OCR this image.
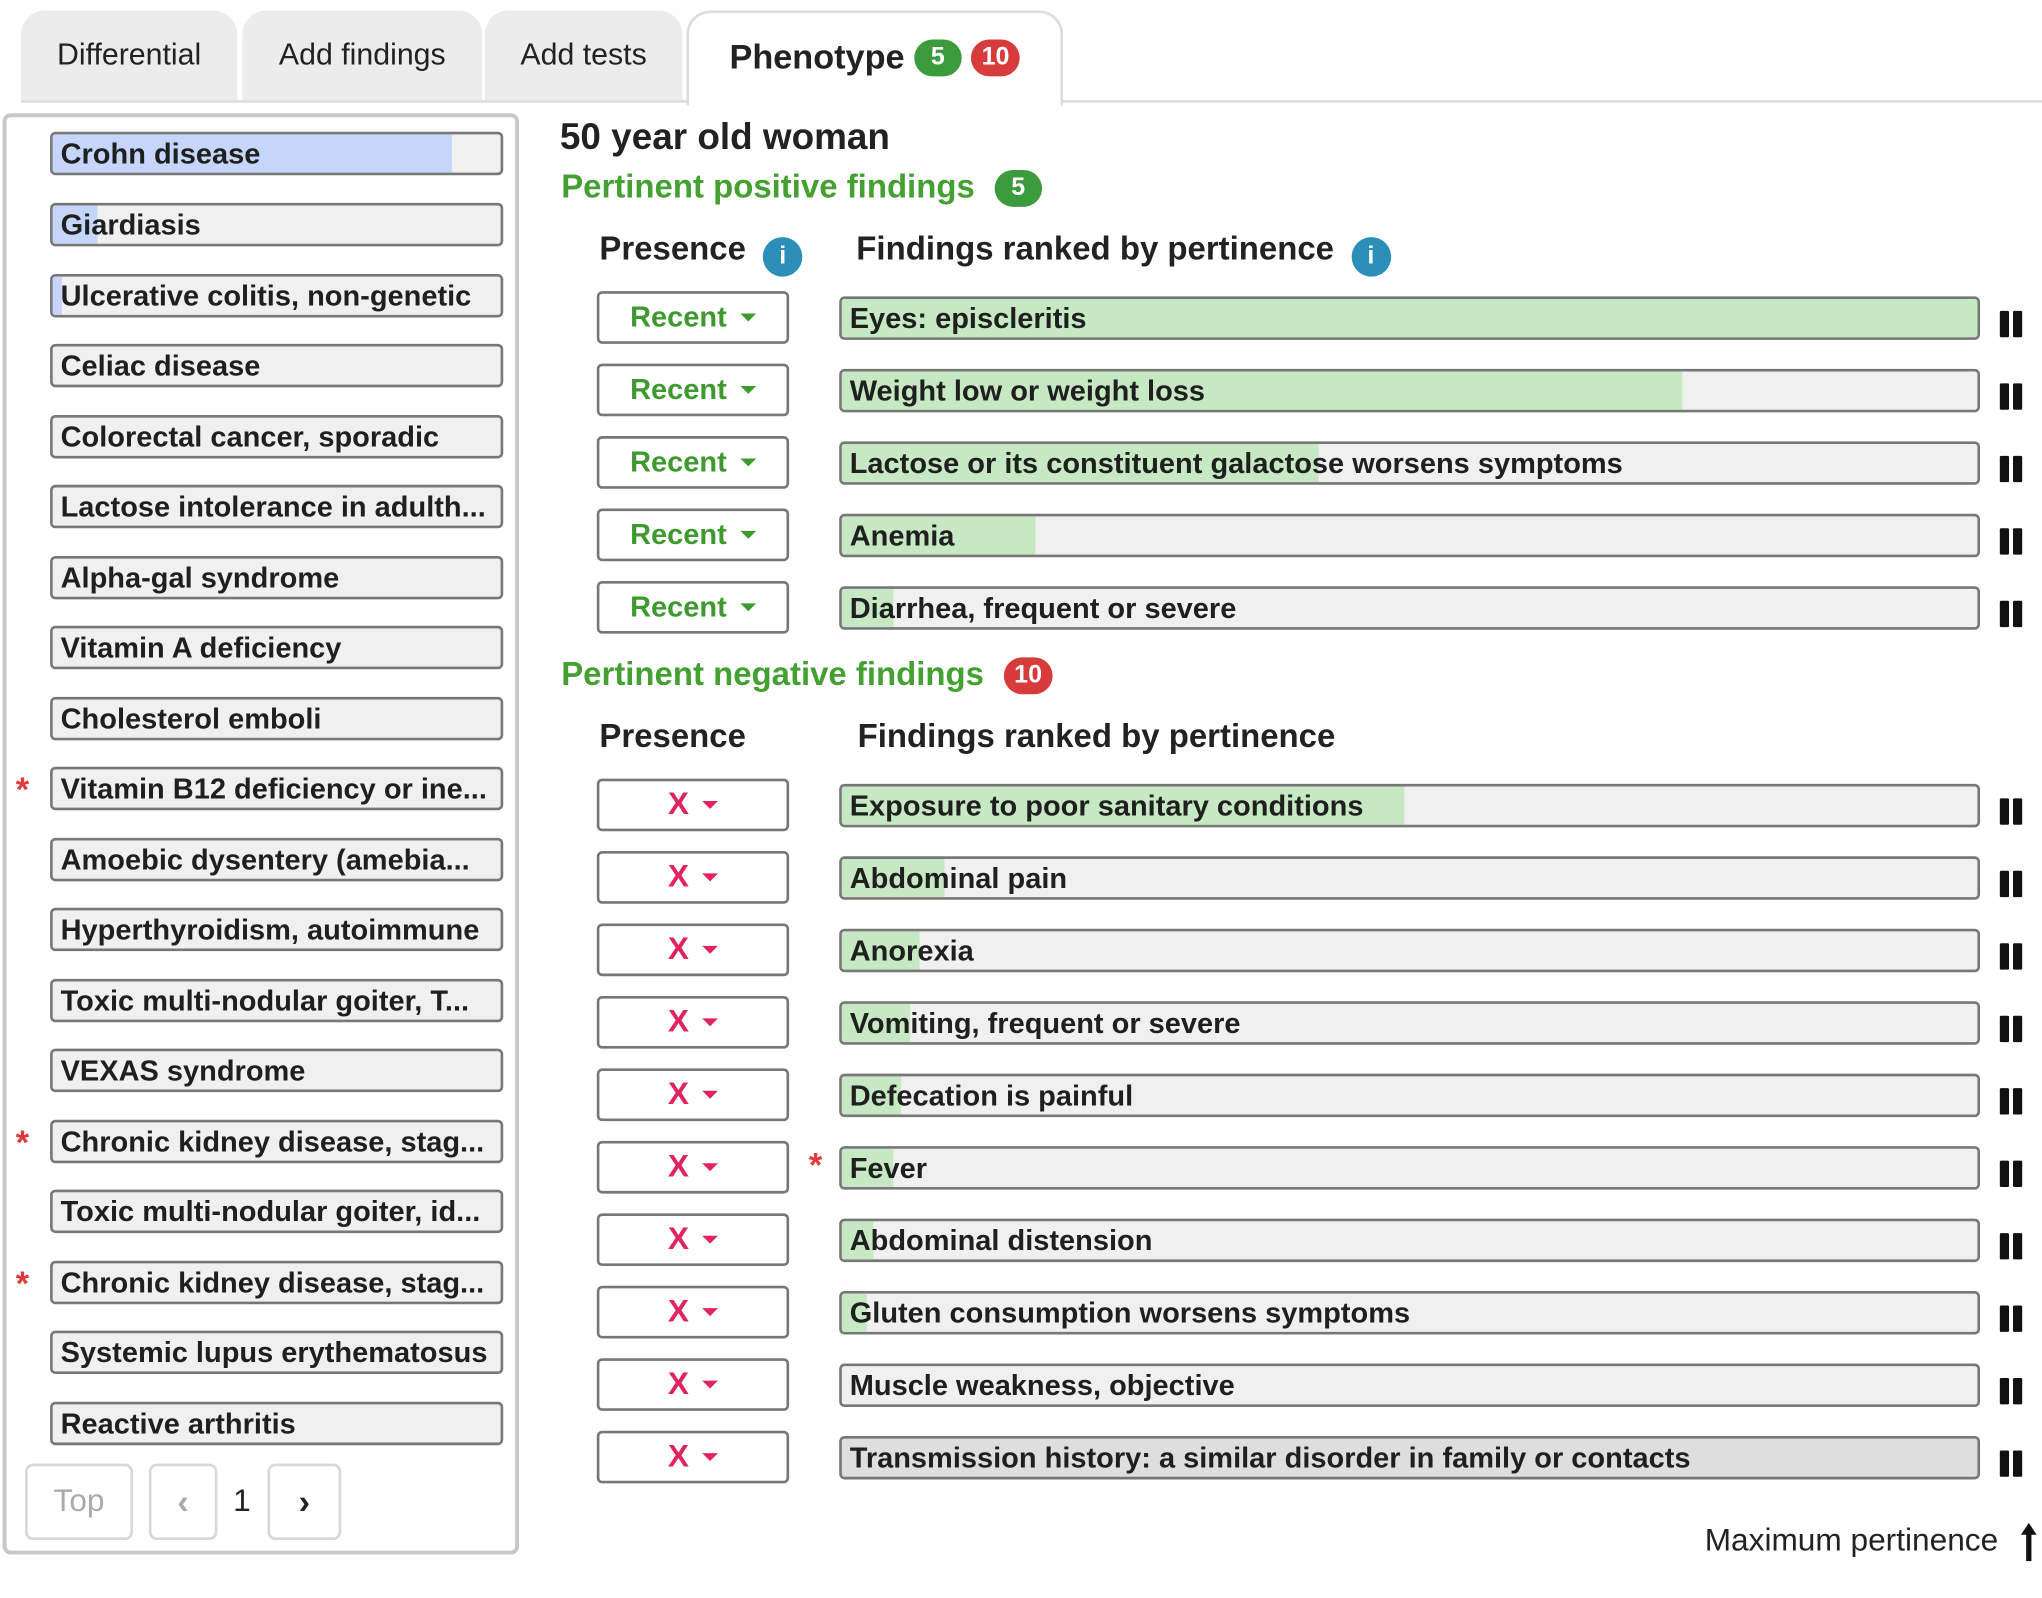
Differential	Add findings	Add tests	Phenotype 5 10
Crohn disease
Giardiasis
Ulcerative colitis, non-genetic
Celiac disease
Colorectal cancer, sporadic
Lactose intolerance in adulth...
Alpha-gal syndrome
Vitamin A deficiency
Cholesterol emboli
* Vitamin B12 deficiency or ine...
Amoebic dysentery (amebia...
Hyperthyroidism, autoimmune
Toxic multi-nodular goiter, T...
VEXAS syndrome
* Chronic kidney disease, stag...
Toxic multi-nodular goiter, id...
* Chronic kidney disease, stag...
Systemic lupus erythematosus
Reactive arthritis
Top	‹	1	›
50 year old woman
Pertinent positive findings 5
Presence i	Findings ranked by pertinence i
Recent	Eyes: episcleritis
Recent	Weight low or weight loss
Recent	Lactose or its constituent galactose worsens symptoms
Recent	Anemia
Recent	Diarrhea, frequent or severe
Pertinent negative findings 10
Presence	Findings ranked by pertinence
X	Exposure to poor sanitary conditions
X	Abdominal pain
X	Anorexia
X	Vomiting, frequent or severe
X	Defecation is painful
X	* Fever
X	Abdominal distension
X	Gluten consumption worsens symptoms
X	Muscle weakness, objective
X	Transmission history: a similar disorder in family or contacts
Maximum pertinence
